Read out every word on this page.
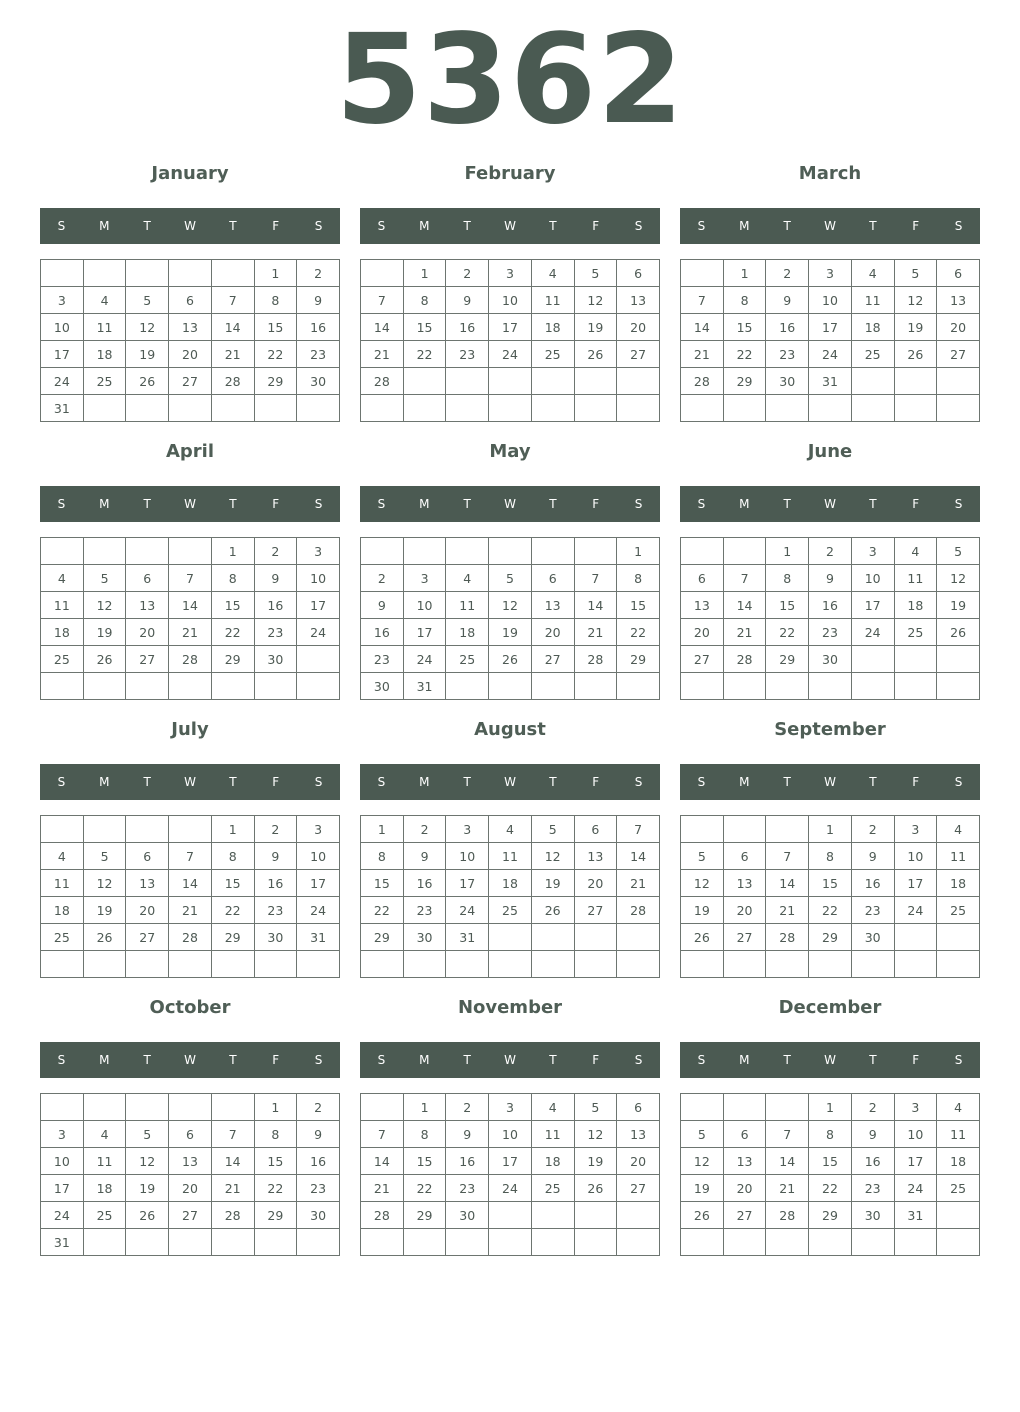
5362
January
S	M	T	W	T	F	S
					1	2
3	4	5	6	7	8	9
10	11	12	13	14	15	16
17	18	19	20	21	22	23
24	25	26	27	28	29	30
31						
February
S	M	T	W	T	F	S
	1	2	3	4	5	6
7	8	9	10	11	12	13
14	15	16	17	18	19	20
21	22	23	24	25	26	27
28						

March
S	M	T	W	T	F	S
	1	2	3	4	5	6
7	8	9	10	11	12	13
14	15	16	17	18	19	20
21	22	23	24	25	26	27
28	29	30	31			

April
S	M	T	W	T	F	S
				1	2	3
4	5	6	7	8	9	10
11	12	13	14	15	16	17
18	19	20	21	22	23	24
25	26	27	28	29	30	

May
S	M	T	W	T	F	S
						1
2	3	4	5	6	7	8
9	10	11	12	13	14	15
16	17	18	19	20	21	22
23	24	25	26	27	28	29
30	31					
June
S	M	T	W	T	F	S
		1	2	3	4	5
6	7	8	9	10	11	12
13	14	15	16	17	18	19
20	21	22	23	24	25	26
27	28	29	30			

July
S	M	T	W	T	F	S
				1	2	3
4	5	6	7	8	9	10
11	12	13	14	15	16	17
18	19	20	21	22	23	24
25	26	27	28	29	30	31

August
S	M	T	W	T	F	S
1	2	3	4	5	6	7
8	9	10	11	12	13	14
15	16	17	18	19	20	21
22	23	24	25	26	27	28
29	30	31				

September
S	M	T	W	T	F	S
			1	2	3	4
5	6	7	8	9	10	11
12	13	14	15	16	17	18
19	20	21	22	23	24	25
26	27	28	29	30		

October
S	M	T	W	T	F	S
					1	2
3	4	5	6	7	8	9
10	11	12	13	14	15	16
17	18	19	20	21	22	23
24	25	26	27	28	29	30
31						
November
S	M	T	W	T	F	S
	1	2	3	4	5	6
7	8	9	10	11	12	13
14	15	16	17	18	19	20
21	22	23	24	25	26	27
28	29	30				

December
S	M	T	W	T	F	S
			1	2	3	4
5	6	7	8	9	10	11
12	13	14	15	16	17	18
19	20	21	22	23	24	25
26	27	28	29	30	31	
